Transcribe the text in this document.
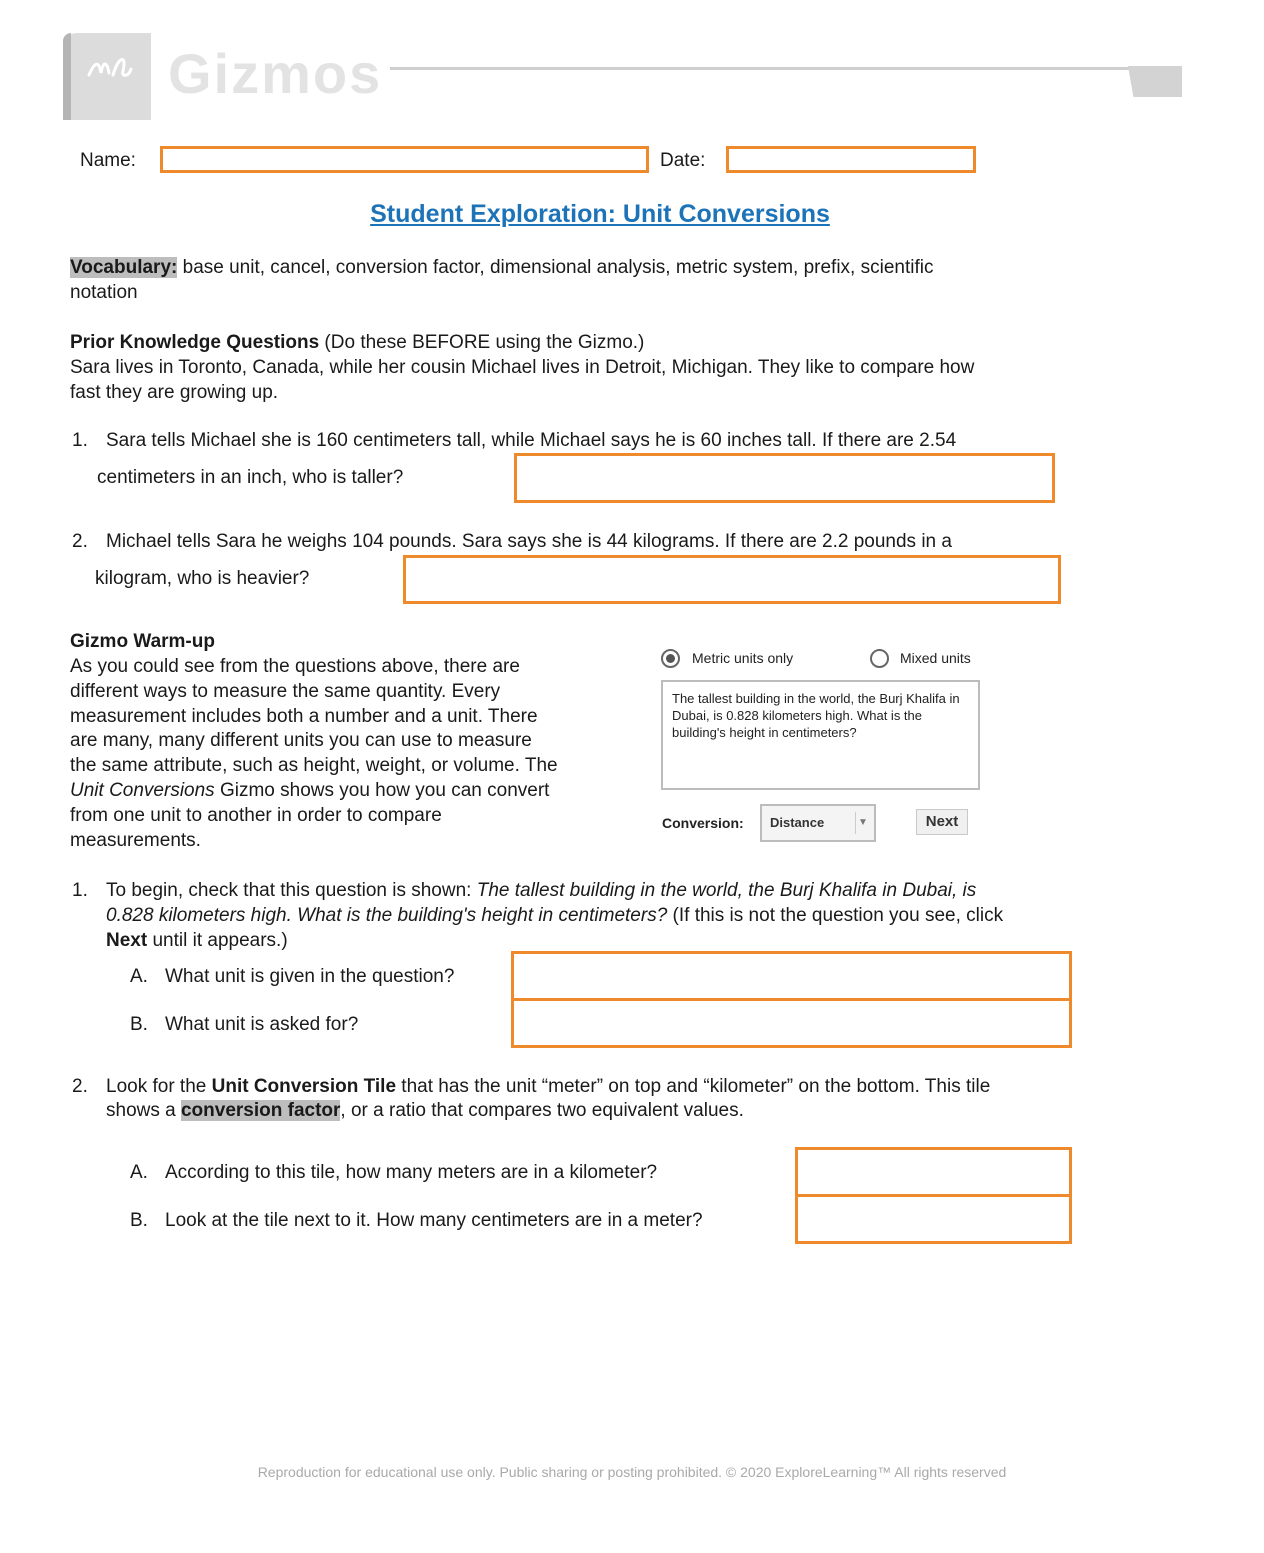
Gizmos
Name:	Date:
Student Exploration: Unit Conversions
Vocabulary: base unit, cancel, conversion factor, dimensional analysis, metric system, prefix, scientific
notation
Prior Knowledge Questions (Do these BEFORE using the Gizmo.)
Sara lives in Toronto, Canada, while her cousin Michael lives in Detroit, Michigan. They like to compare how
fast they are growing up.
1. Sara tells Michael she is 160 centimeters tall, while Michael says he is 60 inches tall. If there are 2.54
centimeters in an inch, who is taller?
2. Michael tells Sara he weighs 104 pounds. Sara says she is 44 kilograms. If there are 2.2 pounds in a
kilogram, who is heavier?
Gizmo Warm-up
As you could see from the questions above, there are
different ways to measure the same quantity. Every
measurement includes both a number and a unit. There
are many, many different units you can use to measure
the same attribute, such as height, weight, or volume. The
Unit Conversions Gizmo shows you how you can convert
from one unit to another in order to compare
measurements.
Metric units only	Mixed units
The tallest building in the world, the Burj Khalifa in Dubai, is 0.828 kilometers high. What is the building's height in centimeters?
Conversion: Distance	▼	Next
1. To begin, check that this question is shown: The tallest building in the world, the Burj Khalifa in Dubai, is
0.828 kilometers high. What is the building's height in centimeters? (If this is not the question you see, click
Next until it appears.)
A. What unit is given in the question?
B. What unit is asked for?
2. Look for the Unit Conversion Tile that has the unit “meter” on top and “kilometer” on the bottom. This tile
shows a conversion factor, or a ratio that compares two equivalent values.
A. According to this tile, how many meters are in a kilometer?
B. Look at the tile next to it. How many centimeters are in a meter?
Reproduction for educational use only. Public sharing or posting prohibited. © 2020 ExploreLearning™ All rights reserved
